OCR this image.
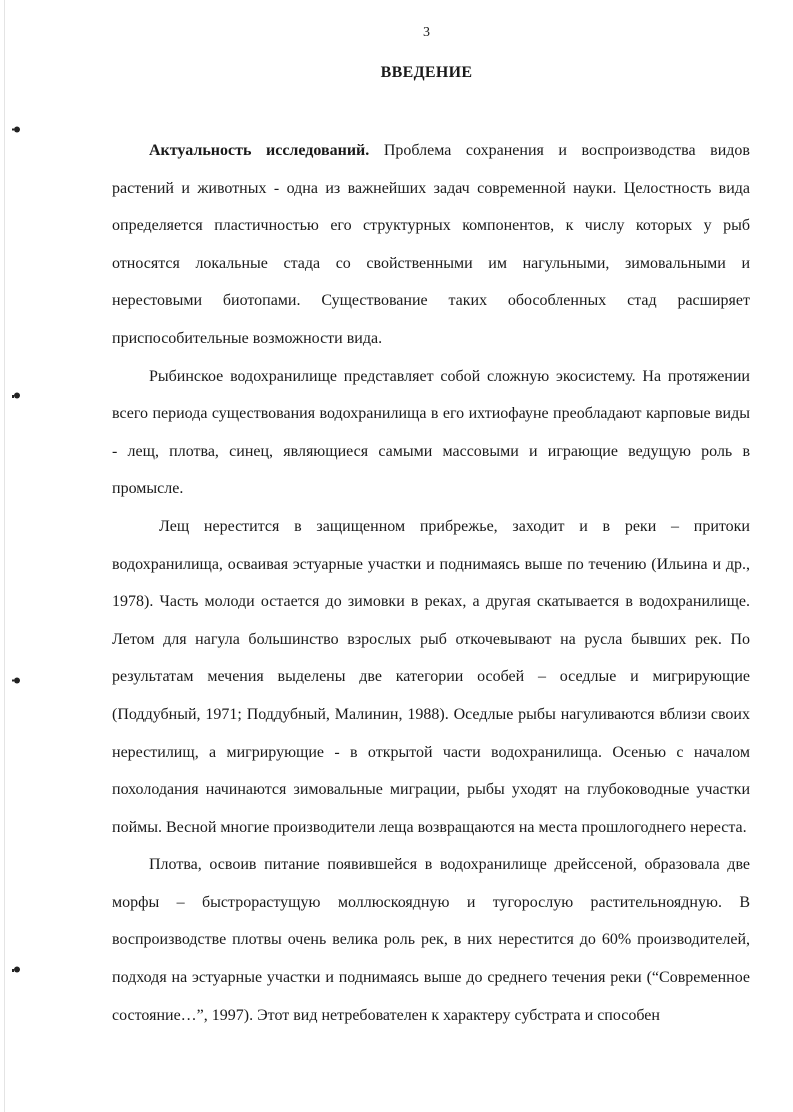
3
ВВЕДЕНИЕ

Актуальность исследований. Проблема сохранения и воспроизводства видов растений и животных - одна из важнейших задач современной науки. Целостность вида определяется пластичностью его структурных компонентов, к числу которых у рыб относятся локальные стада со свойственными им нагульными, зимовальными и нерестовыми биотопами. Существование таких обособленных стад расширяет приспособительные возможности вида.

Рыбинское водохранилище представляет собой сложную экосистему. На протяжении всего периода существования водохранилища в его ихтиофауне преобладают карповые виды - лещ, плотва, синец, являющиеся самыми массовыми и играющие ведущую роль в промысле.

Лещ нерестится в защищенном прибрежье, заходит и в реки – притоки водохранилища, осваивая эстуарные участки и поднимаясь выше по течению (Ильина и др., 1978). Часть молоди остается до зимовки в реках, а другая скатывается в водохранилище. Летом для нагула большинство взрослых рыб откочевывают на русла бывших рек. По результатам мечения выделены две категории особей – оседлые и мигрирующие (Поддубный, 1971; Поддубный, Малинин, 1988). Оседлые рыбы нагуливаются вблизи своих нерестилищ, а мигрирующие - в открытой части водохранилища. Осенью с началом похолодания начинаются зимовальные миграции, рыбы уходят на глубоководные участки поймы. Весной многие производители леща возвращаются на места прошлогоднего нереста.

Плотва, освоив питание появившейся в водохранилище дрейссеной, образовала две морфы – быстрорастущую моллюскоядную и тугорослую растительноядную. В воспроизводстве плотвы очень велика роль рек, в них нерестится до 60% производителей, подходя на эстуарные участки и поднимаясь выше до среднего течения реки (“Современное состояние…”, 1997). Этот вид нетребователен к характеру субстрата и способен
